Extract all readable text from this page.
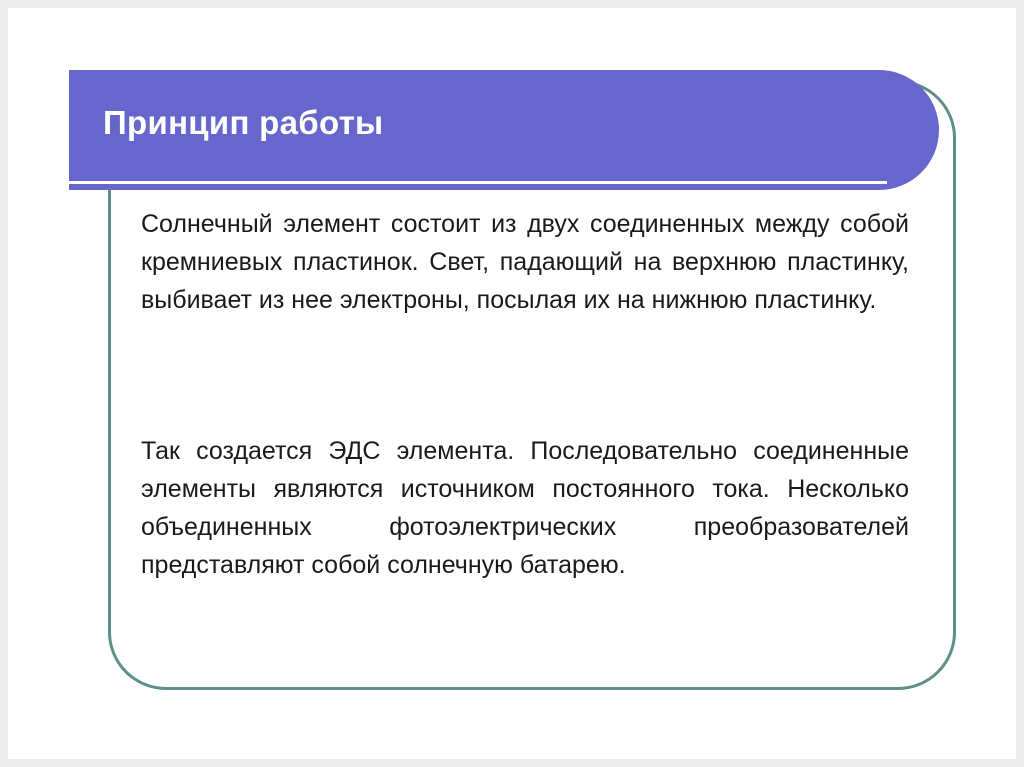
Принцип работы

Солнечный элемент состоит из двух соединенных между собой кремниевых пластинок. Свет, падающий на верхнюю пластинку, выбивает из нее электроны, посылая их на нижнюю пластинку.

Так создается ЭДС элемента. Последовательно соединенные элементы являются источником постоянного тока. Несколько объединенных фотоэлектрических преобразователей представляют собой солнечную батарею.
